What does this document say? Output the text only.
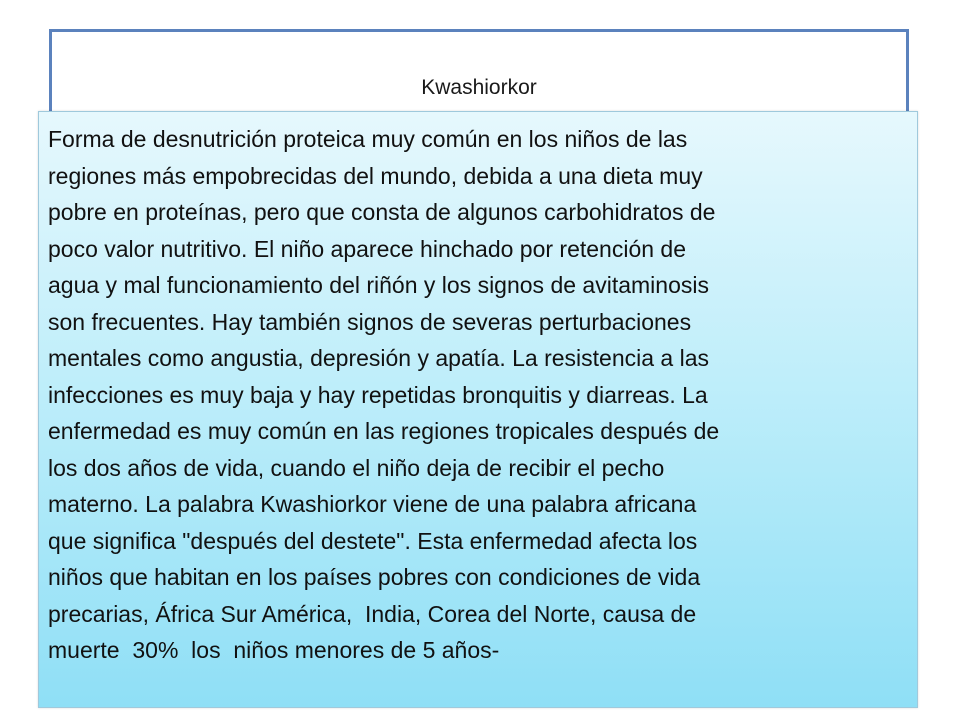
Kwashiorkor

Forma de desnutrición proteica muy común en los niños de las
regiones más empobrecidas del mundo, debida a una dieta muy
pobre en proteínas, pero que consta de algunos carbohidratos de
poco valor nutritivo. El niño aparece hinchado por retención de
agua y mal funcionamiento del riñón y los signos de avitaminosis
son frecuentes. Hay también signos de severas perturbaciones
mentales como angustia, depresión y apatía. La resistencia a las
infecciones es muy baja y hay repetidas bronquitis y diarreas. La
enfermedad es muy común en las regiones tropicales después de
los dos años de vida, cuando el niño deja de recibir el pecho
materno. La palabra Kwashiorkor viene de una palabra africana
que significa "después del destete". Esta enfermedad afecta los
niños que habitan en los países pobres con condiciones de vida
precarias, África Sur América,  India, Corea del Norte, causa de
muerte  30%  los  niños menores de 5 años-
